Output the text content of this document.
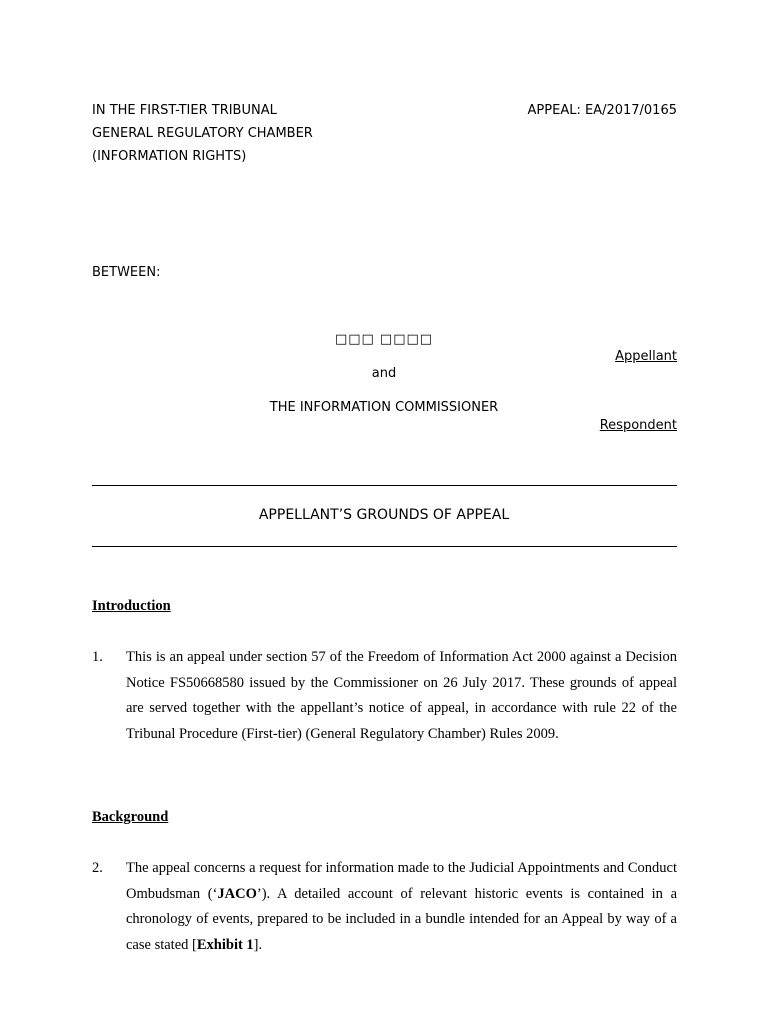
IN THE FIRST-TIER TRIBUNAL
GENERAL REGULATORY CHAMBER
(INFORMATION RIGHTS)
APPEAL: EA/2017/0165
BETWEEN:
□□□ □□□□
Appellant
and
THE INFORMATION COMMISSIONER
Respondent
APPELLANT’S GROUNDS OF APPEAL
Introduction
1. This is an appeal under section 57 of the Freedom of Information Act 2000 against a Decision Notice FS50668580 issued by the Commissioner on 26 July 2017. These grounds of appeal are served together with the appellant’s notice of appeal, in accordance with rule 22 of the Tribunal Procedure (First-tier) (General Regulatory Chamber) Rules 2009.
Background
2. The appeal concerns a request for information made to the Judicial Appointments and Conduct Ombudsman (‘JACO’). A detailed account of relevant historic events is contained in a chronology of events, prepared to be included in a bundle intended for an Appeal by way of a case stated [Exhibit 1].
